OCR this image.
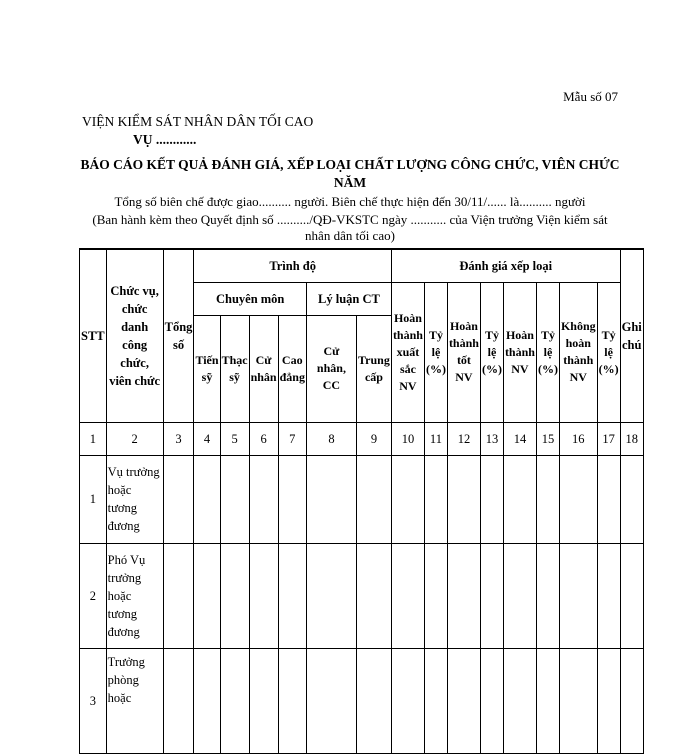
Mẫu số 07
VIỆN KIỂM SÁT NHÂN DÂN TỐI CAO
VỤ ............
BÁO CÁO KẾT QUẢ ĐÁNH GIÁ, XẾP LOẠI CHẤT LƯỢNG CÔNG CHỨC, VIÊN CHỨC NĂM
Tổng số biên chế được giao.......... người. Biên chế thực hiện đến 30/11/...... là.......... người
(Ban hành kèm theo Quyết định số ........../QĐ-VKSTC ngày ........... của Viện trưởng Viện kiểm sát nhân dân tối cao)
STT	Chức vụ, chức danh công chức, viên chức	Tổng số	Trình độ						Đánh giá xếp loại								Ghi chú
			Chuyên môn				Lý luận CT		Hoàn thành xuất sắc NV	Tỷ lệ (%)	Hoàn thành tốt NV	Tỷ lệ (%)	Hoàn thành NV	Tỷ lệ (%)	Không hoàn thành NV	Tỷ lệ (%)	
			Tiến sỹ	Thạc sỹ	Cử nhân	Cao đẳng	Cử nhân, CC	Trung cấp									
1	2	3	4	5	6	7	8	9	10	11	12	13	14	15	16	17	18
1	Vụ trưởng hoặc tương đương																
2	Phó Vụ trưởng hoặc tương đương																
3	Trưởng phòng hoặc																
